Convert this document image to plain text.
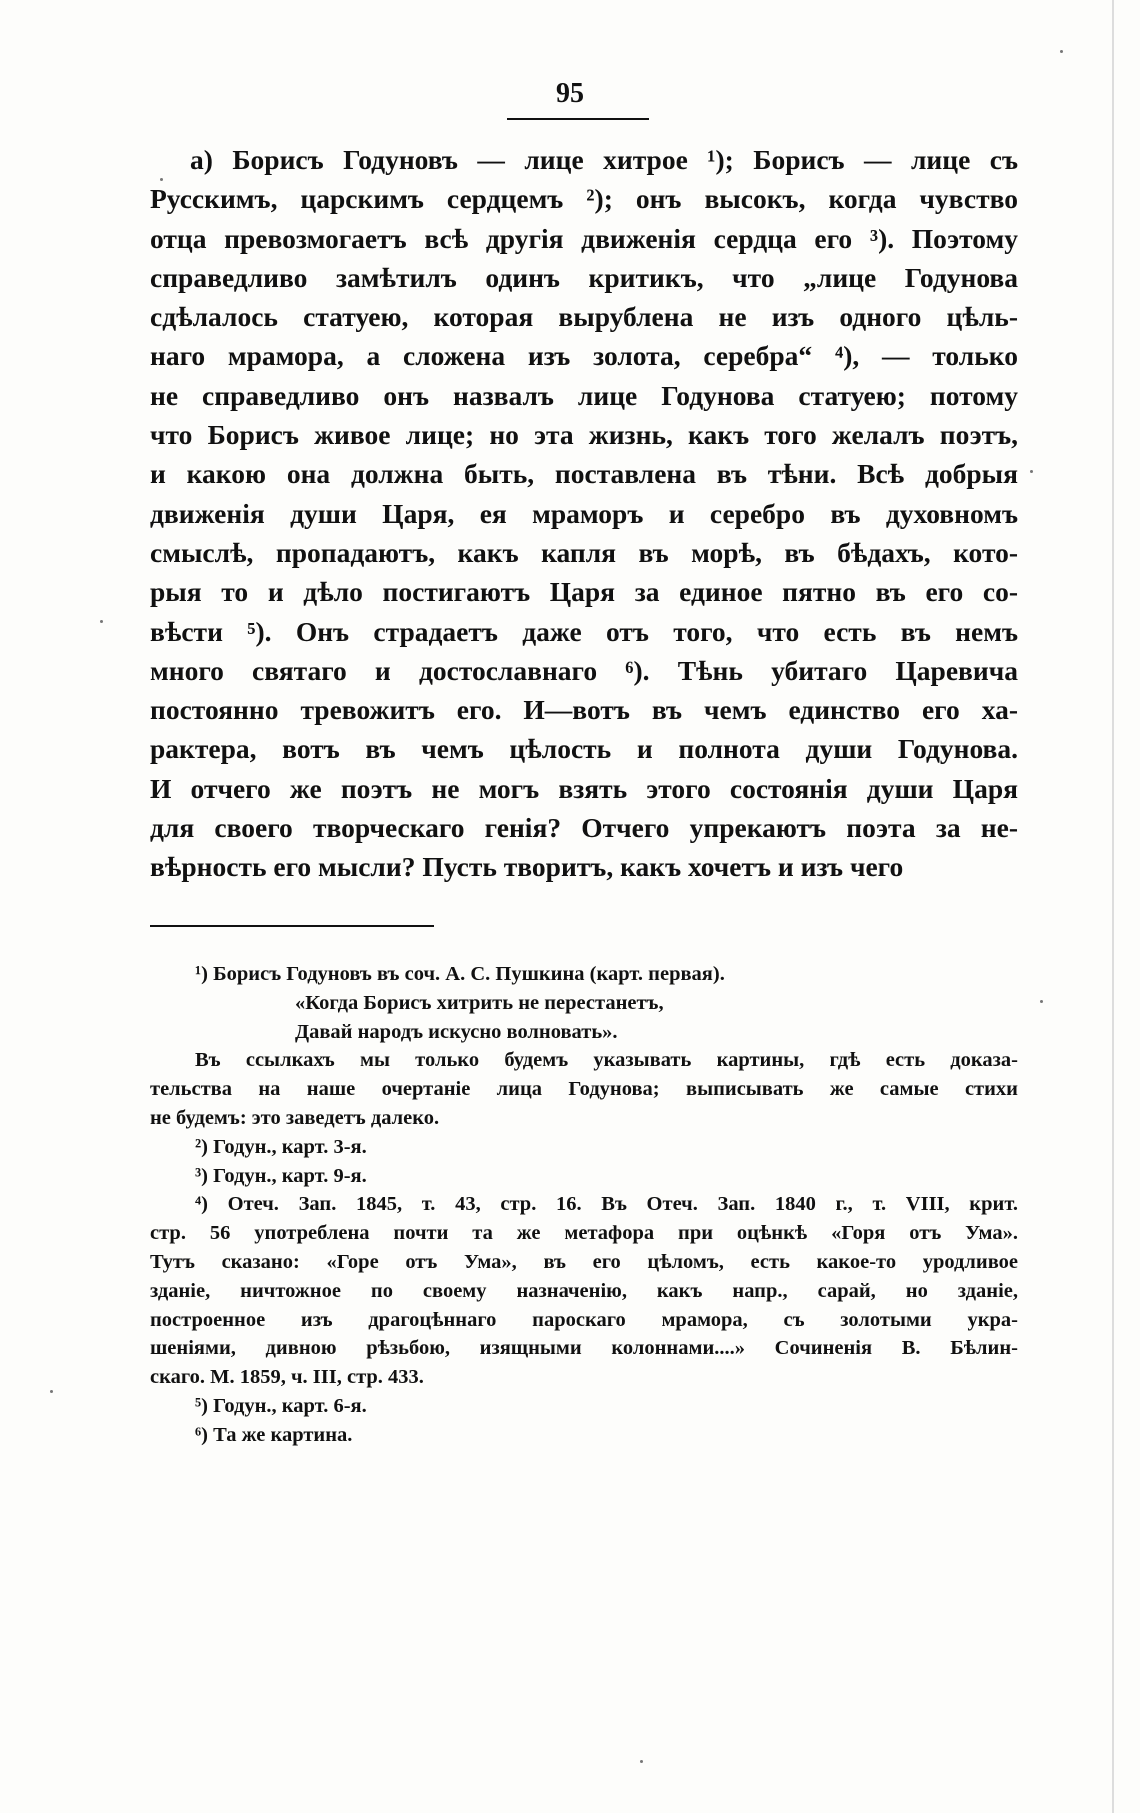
95
а) Борисъ Годуновъ — лице хитрое ¹); Борисъ — лице съ
Русскимъ, царскимъ сердцемъ ²); онъ высокъ, когда чувство
отца превозмогаетъ всѣ другія движенія сердца его ³). Поэтому
справедливо замѣтилъ одинъ критикъ, что „лице Годунова
сдѣлалось статуею, которая вырублена не изъ одного цѣль-
наго мрамора, а сложена изъ золота, серебра“ ⁴), — только
не справедливо онъ назвалъ лице Годунова статуею; потому
что Борисъ живое лице; но эта жизнь, какъ того желалъ поэтъ,
и какою она должна быть, поставлена въ тѣни. Всѣ добрыя
движенія души Царя, ея мраморъ и серебро въ духовномъ
смыслѣ, пропадаютъ, какъ капля въ морѣ, въ бѣдахъ, кото-
рыя то и дѣло постигаютъ Царя за единое пятно въ его со-
вѣсти ⁵). Онъ страдаетъ даже отъ того, что есть въ немъ
много святаго и достославнаго ⁶). Тѣнь убитаго Царевича
постоянно тревожитъ его. И—вотъ въ чемъ единство его ха-
рактера, вотъ въ чемъ цѣлость и полнота души Годунова.
И отчего же поэтъ не могъ взять этого состоянія души Царя
для своего творческаго генія? Отчего упрекаютъ поэта за не-
вѣрность его мысли? Пусть творитъ, какъ хочетъ и изъ чего
¹) Борисъ Годуновъ въ соч. А. С. Пушкина (карт. первая).
«Когда Борисъ хитрить не перестанетъ,
Давай народъ искусно волновать».
Въ ссылкахъ мы только будемъ указывать картины, гдѣ есть доказа-
тельства на наше очертаніе лица Годунова; выписывать же самые стихи
не будемъ: это заведетъ далеко.
²) Годун., карт. 3-я.
³) Годун., карт. 9-я.
⁴) Отеч. Зап. 1845, т. 43, стр. 16. Въ Отеч. Зап. 1840 г., т. VIII, крит.
стр. 56 употреблена почти та же метафора при оцѣнкѣ «Горя отъ Ума».
Тутъ сказано: «Горе отъ Ума», въ его цѣломъ, есть какое-то уродливое
зданіе, ничтожное по своему назначенію, какъ напр., сарай, но зданіе,
построенное изъ драгоцѣннаго пароскаго мрамора, съ золотыми укра-
шеніями, дивною рѣзьбою, изящными колоннами....» Сочиненія В. Бѣлин-
скаго. М. 1859, ч. III, стр. 433.
⁵) Годун., карт. 6-я.
⁶) Та же картина.
